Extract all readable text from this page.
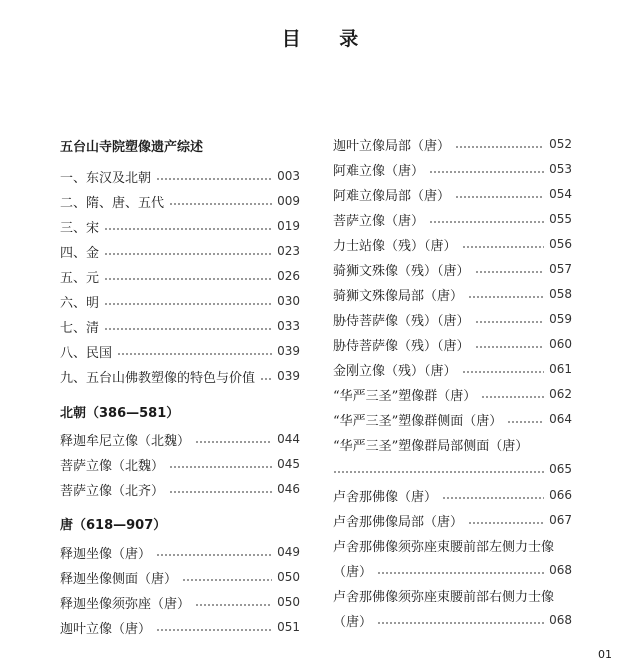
目 录
五台山寺院塑像遗产综述
一、东汉及北朝	003
二、隋、唐、五代	009
三、宋	019
四、金	023
五、元	026
六、明	030
七、清	033
八、民国	039
九、五台山佛教塑像的特色与价值 039
北朝（386—581）
释迦牟尼立像（北魏）	044
菩萨立像（北魏）	045
菩萨立像（北齐）	046
唐（618—907）
释迦坐像（唐）	049
释迦坐像侧面（唐）	050
释迦坐像须弥座（唐）	050
迦叶立像（唐）	051
迦叶立像局部（唐）	052
阿难立像（唐）	053
阿难立像局部（唐）	054
菩萨立像（唐）	055
力士站像（残）（唐）	056
骑狮文殊像（残）（唐）	057
骑狮文殊像局部（唐）	058
胁侍菩萨像（残）（唐）	059
胁侍菩萨像（残）（唐）	060
金刚立像（残）（唐）	061
“华严三圣”塑像群（唐）	062
“华严三圣”塑像群侧面（唐）	064
“华严三圣”塑像群局部侧面（唐）
065
卢舍那佛像（唐）	066
卢舍那佛像局部（唐）	067
卢舍那佛像须弥座束腰前部左侧力士像
（唐）	068
卢舍那佛像须弥座束腰前部右侧力士像
（唐）	068
01
